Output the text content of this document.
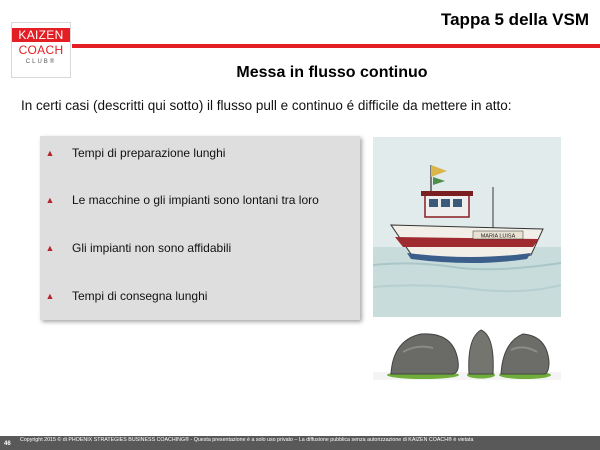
KAIZEN
COACH
CLUB®
Tappa 5 della VSM
Messa in flusso continuo
In certi casi (descritti qui sotto) il flusso pull e continuo é difficile da mettere in atto:
▲ Tempi di preparazione lunghi
▲ Le macchine o gli impianti sono lontani tra loro
▲ Gli impianti non sono affidabili
▲ Tempi di consegna lunghi
MARIA LUISA
46
Copyright 2015 © di PHOENIX STRATEGIES BUSINESS COACHING® - Questa presentazione è a solo uso privato – La diffusione pubblica senza autorizzazione di KAIZEN COACH® è vietata
